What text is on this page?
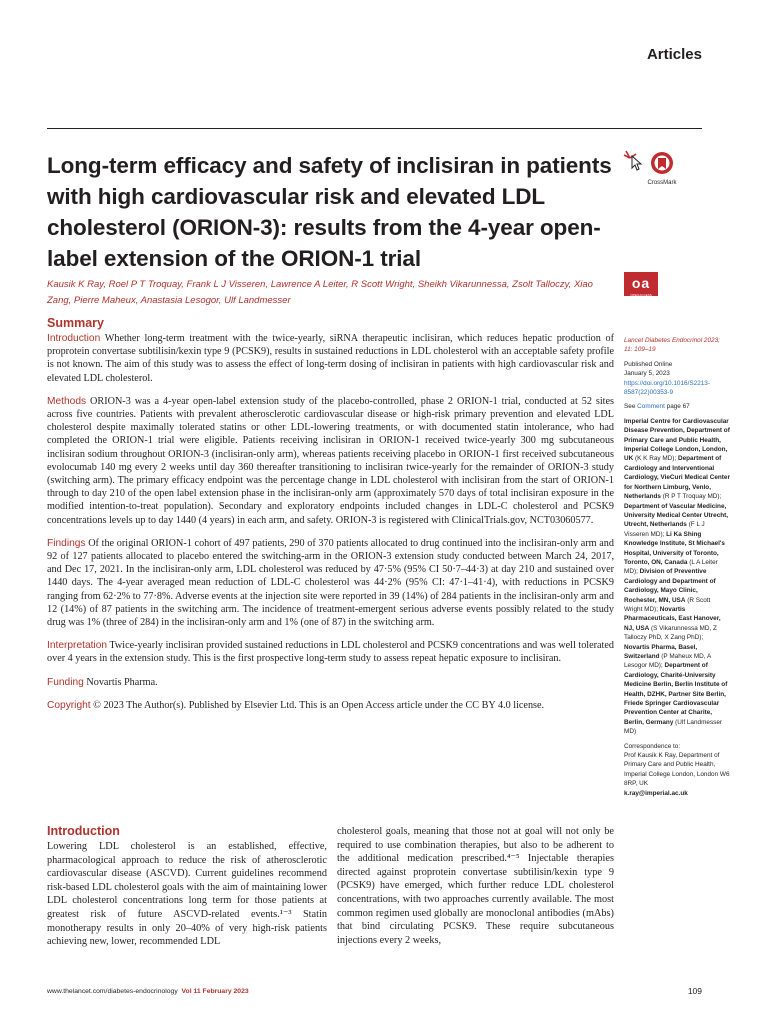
Articles
Long-term efficacy and safety of inclisiran in patients with high cardiovascular risk and elevated LDL cholesterol (ORION-3): results from the 4-year open-label extension of the ORION-1 trial
CrossMark
oa
OPEN ACCESS

Kausik K Ray, Roel P T Troquay, Frank L J Visseren, Lawrence A Leiter, R Scott Wright, Sheikh Vikarunnessa, Zsolt Talloczy, Xiao Zang, Pierre Maheux, Anastasia Lesogor, Ulf Landmesser

Summary

Introduction Whether long-term treatment with the twice-yearly, siRNA therapeutic inclisiran, which reduces hepatic production of proprotein convertase subtilisin/kexin type 9 (PCSK9), results in sustained reductions in LDL cholesterol with an acceptable safety profile is not known. The aim of this study was to assess the effect of long-term dosing of inclisiran in patients with high cardiovascular risk and elevated LDL cholesterol.

Methods ORION-3 was a 4-year open-label extension study of the placebo-controlled, phase 2 ORION-1 trial, conducted at 52 sites across five countries. Patients with prevalent atherosclerotic cardiovascular disease or high-risk primary prevention and elevated LDL cholesterol despite maximally tolerated statins or other LDL-lowering treatments, or with documented statin intolerance, who had completed the ORION-1 trial were eligible. Patients receiving inclisiran in ORION-1 received twice-yearly 300 mg subcutaneous inclisiran sodium throughout ORION-3 (inclisiran-only arm), whereas patients receiving placebo in ORION-1 first received subcutaneous evolocumab 140 mg every 2 weeks until day 360 thereafter transitioning to inclisiran twice-yearly for the remainder of ORION-3 study (switching arm). The primary efficacy endpoint was the percentage change in LDL cholesterol with inclisiran from the start of ORION-1 through to day 210 of the open label extension phase in the inclisiran-only arm (approximately 570 days of total inclisiran exposure in the modified intention-to-treat population). Secondary and exploratory endpoints included changes in LDL-C cholesterol and PCSK9 concentrations levels up to day 1440 (4 years) in each arm, and safety. ORION-3 is registered with ClinicalTrials.gov, NCT03060577.

Findings Of the original ORION-1 cohort of 497 patients, 290 of 370 patients allocated to drug continued into the inclisiran-only arm and 92 of 127 patients allocated to placebo entered the switching-arm in the ORION-3 extension study conducted between March 24, 2017, and Dec 17, 2021. In the inclisiran-only arm, LDL cholesterol was reduced by 47·5% (95% CI 50·7–44·3) at day 210 and sustained over 1440 days. The 4-year averaged mean reduction of LDL-C cholesterol was 44·2% (95% CI: 47·1–41·4), with reductions in PCSK9 ranging from 62·2% to 77·8%. Adverse events at the injection site were reported in 39 (14%) of 284 patients in the inclisiran-only arm and 12 (14%) of 87 patients in the switching arm. The incidence of treatment-emergent serious adverse events possibly related to the study drug was 1% (three of 284) in the inclisiran-only arm and 1% (one of 87) in the switching arm.

Interpretation Twice-yearly inclisiran provided sustained reductions in LDL cholesterol and PCSK9 concentrations and was well tolerated over 4 years in the extension study. This is the first prospective long-term study to assess repeat hepatic exposure to inclisiran.

Funding Novartis Pharma.

Copyright © 2023 The Author(s). Published by Elsevier Ltd. This is an Open Access article under the CC BY 4.0 license.

Lancet Diabetes Endocrinol 2023; 11: 109–19

Published Online
January 5, 2023
https://doi.org/10.1016/S2213-8587(22)00353-9

See Comment page 67

Imperial Centre for Cardiovascular Disease Prevention, Department of Primary Care and Public Health, Imperial College London, London, UK (K K Ray MD); Department of Cardiology and Interventional Cardiology, VieCuri Medical Center for Northern Limburg, Venlo, Netherlands (R P T Troquay MD); Department of Vascular Medicine, University Medical Center Utrecht, Utrecht, Netherlands (F L J Visseren MD); Li Ka Shing Knowledge Institute, St Michael's Hospital, University of Toronto, Toronto, ON, Canada (L A Leiter MD); Division of Preventive Cardiology and Department of Cardiology, Mayo Clinic, Rochester, MN, USA (R Scott Wright MD); Novartis Pharmaceuticals, East Hanover, NJ, USA (S Vikarunnessa MD, Z Talloczy PhD, X Zang PhD); Novartis Pharma, Basel, Switzerland (P Maheux MD, A Lesogor MD); Department of Cardiology, Charité-University Medicine Berlin, Berlin Institute of Health, DZHK, Partner Site Berlin, Friede Springer Cardiovascular Prevention Center at Charite, Berlin, Germany (Ulf Landmesser MD)

Correspondence to:
Prof Kausik K Ray, Department of Primary Care and Public Health, Imperial College London, London W6 8RP, UK
k.ray@imperial.ac.uk

Introduction

Lowering LDL cholesterol is an established, effective, pharmacological approach to reduce the risk of atherosclerotic cardiovascular disease (ASCVD). Current guidelines recommend risk-based LDL cholesterol goals with the aim of maintaining lower LDL cholesterol concentrations long term for those patients at greatest risk of future ASCVD-related events.¹⁻³ Statin monotherapy results in only 20–40% of very high-risk patients achieving new, lower, recommended LDL

cholesterol goals, meaning that those not at goal will not only be required to use combination therapies, but also to be adherent to the additional medication prescribed.⁴⁻⁵ Injectable therapies directed against proprotein convertase subtilisin/kexin type 9 (PCSK9) have emerged, which further reduce LDL cholesterol concentrations, with two approaches currently available. The most common regimen used globally are monoclonal antibodies (mAbs) that bind circulating PCSK9. These require subcutaneous injections every 2 weeks,

www.thelancet.com/diabetes-endocrinology Vol 11 February 2023	109
